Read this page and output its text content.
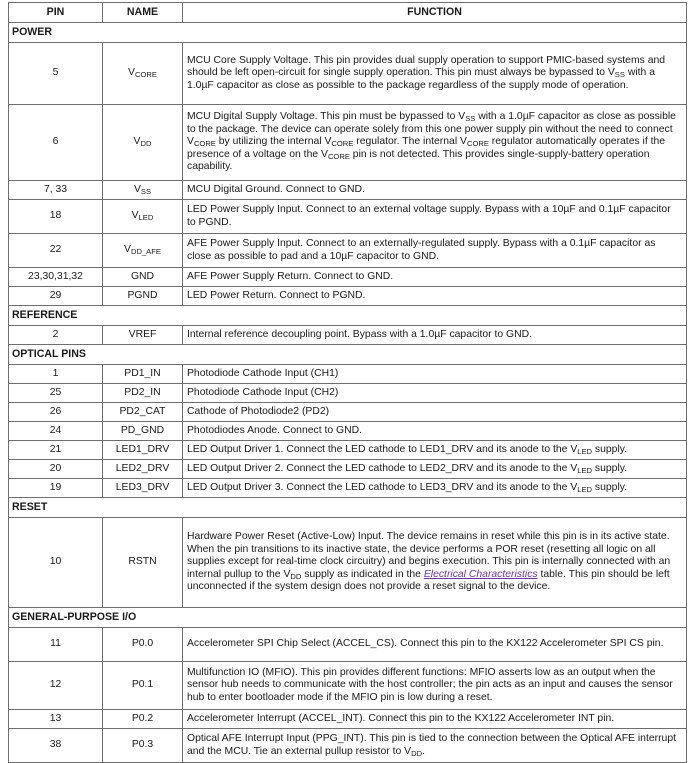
PIN	NAME	FUNCTION
POWER		
5	$V_{CORE}$	MCU Core Supply Voltage. This pin provides dual supply operation to support PMIC-based systems and should be left open-circuit for single supply operation. This pin must always be bypassed to $V_{SS}$ with a 1.0µF capacitor as close as possible to the package regardless of the supply mode of operation.
6	$V_{DD}$	MCU Digital Supply Voltage. This pin must be bypassed to $V_{SS}$ with a 1.0µF capacitor as close as possible to the package. The device can operate solely from this one power supply pin without the need to connect $V_{CORE}$ by utilizing the internal $V_{CORE}$ regulator. The internal $V_{CORE}$ regulator automatically operates if the presence of a voltage on the $V_{CORE}$ pin is not detected. This provides single-supply-battery operation capability.
7, 33	$V_{SS}$	MCU Digital Ground. Connect to GND.
18	$V_{LED}$	LED Power Supply Input. Connect to an external voltage supply. Bypass with a 10µF and 0.1µF capacitor to PGND.
22	$V_{DD\_AFE}$	AFE Power Supply Input. Connect to an externally-regulated supply. Bypass with a 0.1µF capacitor as close as possible to pad and a 10µF capacitor to GND.
23,30,31,32	GND	AFE Power Supply Return. Connect to GND.
29	PGND	LED Power Return. Connect to PGND.
REFERENCE		
2	VREF	Internal reference decoupling point. Bypass with a 1.0µF capacitor to GND.
OPTICAL PINS		
1	PD1_IN	Photodiode Cathode Input (CH1)
25	PD2_IN	Photodiode Cathode Input (CH2)
26	PD2_CAT	Cathode of Photodiode2 (PD2)
24	PD_GND	Photodiodes Anode. Connect to GND.
21	LED1_DRV	LED Output Driver 1. Connect the LED cathode to LED1_DRV and its anode to the $V_{LED}$ supply.
20	LED2_DRV	LED Output Driver 2. Connect the LED cathode to LED2_DRV and its anode to the $V_{LED}$ supply.
19	LED3_DRV	LED Output Driver 3. Connect the LED cathode to LED3_DRV and its anode to the $V_{LED}$ supply.
RESET		
10	RSTN	Hardware Power Reset (Active-Low) Input. The device remains in reset while this pin is in its active state. When the pin transitions to its inactive state, the device performs a POR reset (resetting all logic on all supplies except for real-time clock circuitry) and begins execution. This pin is internally connected with an internal pullup to the $V_{DD}$ supply as indicated in the Electrical Characteristics table. This pin should be left unconnected if the system design does not provide a reset signal to the device.
GENERAL-PURPOSE I/O		
11	P0.0	Accelerometer SPI Chip Select (ACCEL_CS). Connect this pin to the KX122 Accelerometer SPI CS pin.
12	P0.1	Multifunction IO (MFIO). This pin provides different functions: MFIO asserts low as an output when the sensor hub needs to communicate with the host controller; the pin acts as an input and causes the sensor hub to enter bootloader mode if the MFIO pin is low during a reset.
13	P0.2	Accelerometer Interrupt (ACCEL_INT). Connect this pin to the KX122 Accelerometer INT pin.
38	P0.3	Optical AFE Interrupt Input (PPG_INT). This pin is tied to the connection between the Optical AFE interrupt and the MCU. Tie an external pullup resistor to $V_{DD}$.
